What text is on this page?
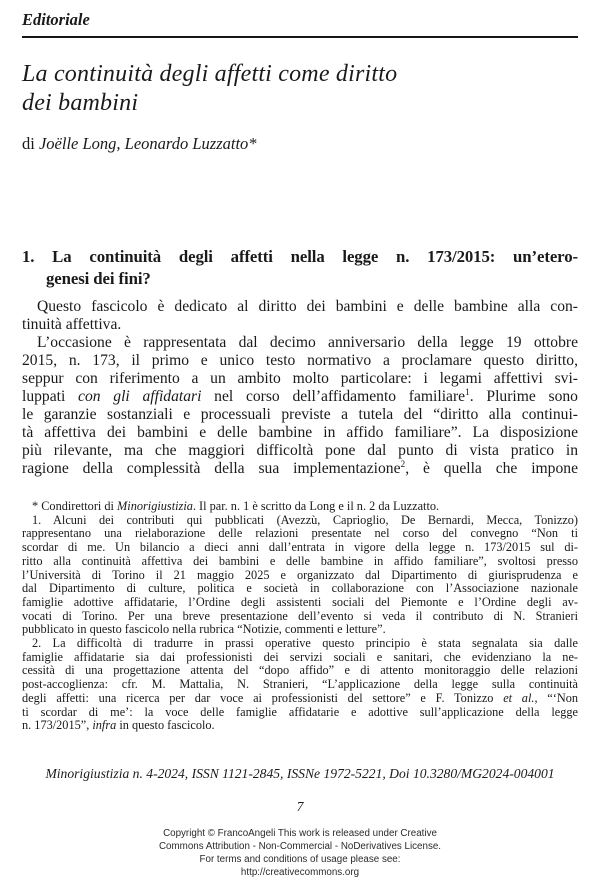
Editoriale
La continuità degli affetti come diritto
dei bambini
di Joëlle Long, Leonardo Luzzatto*
1. La continuità degli affetti nella legge n. 173/2015: un’etero-
genesi dei fini?
Questo fascicolo è dedicato al diritto dei bambini e delle bambine alla con-
tinuità affettiva.
L’occasione è rappresentata dal decimo anniversario della legge 19 ottobre
2015, n. 173, il primo e unico testo normativo a proclamare questo diritto,
seppur con riferimento a un ambito molto particolare: i legami affettivi svi-
luppati con gli affidatari nel corso dell’affidamento familiare$^1$. Plurime sono
le garanzie sostanziali e processuali previste a tutela del “diritto alla continui-
tà affettiva dei bambini e delle bambine in affido familiare”. La disposizione
più rilevante, ma che maggiori difficoltà pone dal punto di vista pratico in
ragione della complessità della sua implementazione$^2$, è quella che impone
* Condirettori di Minorigiustizia. Il par. n. 1 è scritto da Long e il n. 2 da Luzzatto.
1. Alcuni dei contributi qui pubblicati (Avezzù, Caprioglio, De Bernardi, Mecca, Tonizzo)
rappresentano una rielaborazione delle relazioni presentate nel corso del convegno “Non ti
scordar di me. Un bilancio a dieci anni dall’entrata in vigore della legge n. 173/2015 sul di-
ritto alla continuità affettiva dei bambini e delle bambine in affido familiare”, svoltosi presso
l’Università di Torino il 21 maggio 2025 e organizzato dal Dipartimento di giurisprudenza e
dal Dipartimento di culture, politica e società in collaborazione con l’Associazione nazionale
famiglie adottive affidatarie, l’Ordine degli assistenti sociali del Piemonte e l’Ordine degli av-
vocati di Torino. Per una breve presentazione dell’evento si veda il contributo di N. Stranieri
pubblicato in questo fascicolo nella rubrica “Notizie, commenti e letture”.
2. La difficoltà di tradurre in prassi operative questo principio è stata segnalata sia dalle
famiglie affidatarie sia dai professionisti dei servizi sociali e sanitari, che evidenziano la ne-
cessità di una progettazione attenta del “dopo affido” e di attento monitoraggio delle relazioni
post-accoglienza: cfr. M. Mattalia, N. Stranieri, “L’applicazione della legge sulla continuità
degli affetti: una ricerca per dar voce ai professionisti del settore” e F. Tonizzo et al., “‘Non
ti scordar di me’: la voce delle famiglie affidatarie e adottive sull’applicazione della legge
n. 173/2015”, infra in questo fascicolo.
Minorigiustizia n. 4-2024, ISSN 1121-2845, ISSNe 1972-5221, Doi 10.3280/MG2024-004001
7
Copyright © FrancoAngeli This work is released under Creative
Commons Attribution - Non-Commercial - NoDerivatives License.
For terms and conditions of usage please see:
http://creativecommons.org
